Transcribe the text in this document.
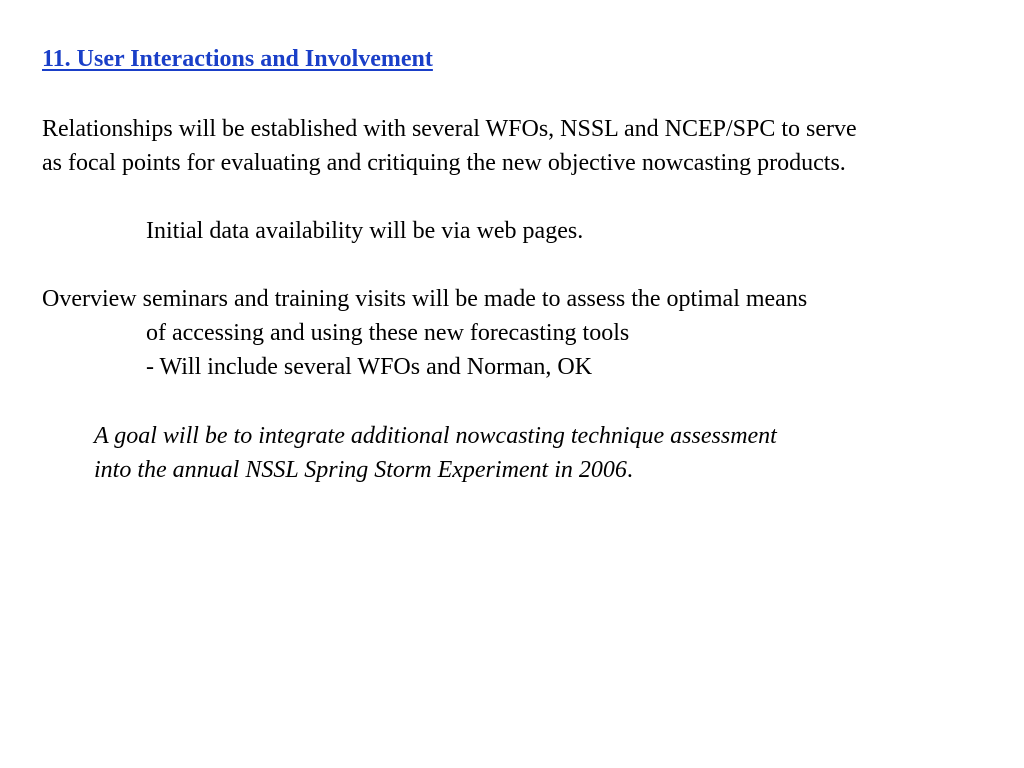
11. User Interactions and Involvement

Relationships will be established with several WFOs, NSSL and NCEP/SPC to serve

as focal points for evaluating and critiquing the new objective nowcasting products.

Initial data availability will be via web pages.

Overview seminars and training visits will be made to assess the optimal means

of accessing and using these new forecasting tools

- Will include several WFOs and Norman, OK

A goal will be to integrate additional nowcasting technique assessment

into the annual NSSL Spring Storm Experiment in 2006.
